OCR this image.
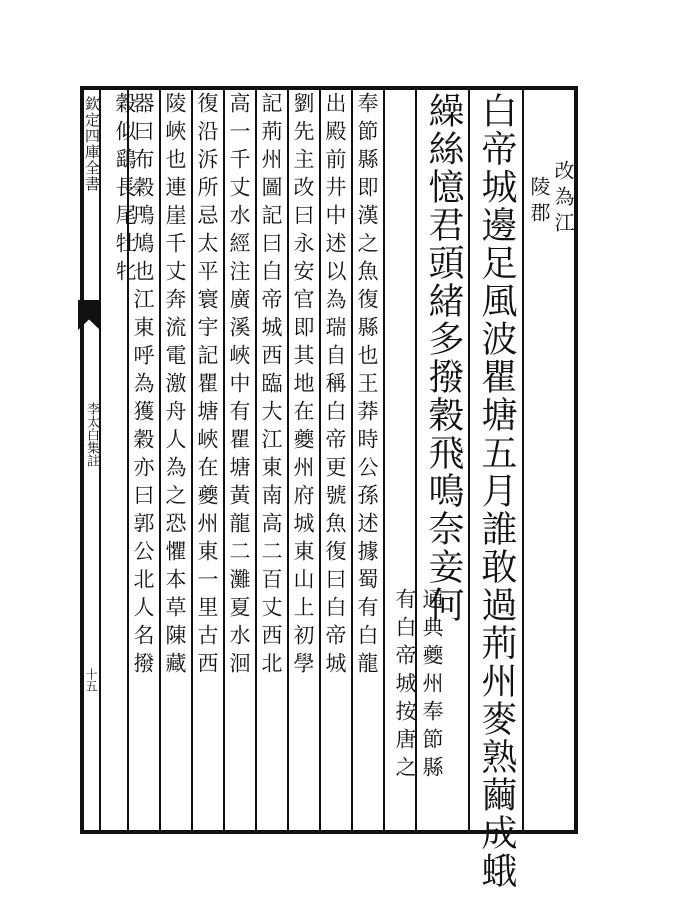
欽定四庫全書
李太白集註
十五
改為江
陵郡
白帝城邊足風波瞿塘五月誰敢過荊州麥熟繭成蛾
繰絲憶君頭緒多撥穀飛鳴奈妾何
通典夔州奉節縣
有白帝城按唐之
奉節縣即漢之魚復縣也王莽時公孫述據蜀有白龍
出殿前井中述以為瑞自稱白帝更號魚復曰白帝城
劉先主改曰永安官即其地在夔州府城東山上初學
記荊州圖記曰白帝城西臨大江東南高二百丈西北
高一千丈水經注廣溪峽中有瞿塘黃龍二灘夏水洄
復沿泝所忌太平寰宇記瞿塘峽在夔州東一里古西
陵峽也連崖千丈奔流電激舟人為之恐懼本草陳藏
器曰布穀鳲鳩也江東呼為獲穀亦曰郭公北人名撥
穀似鷂長尾牡牝
